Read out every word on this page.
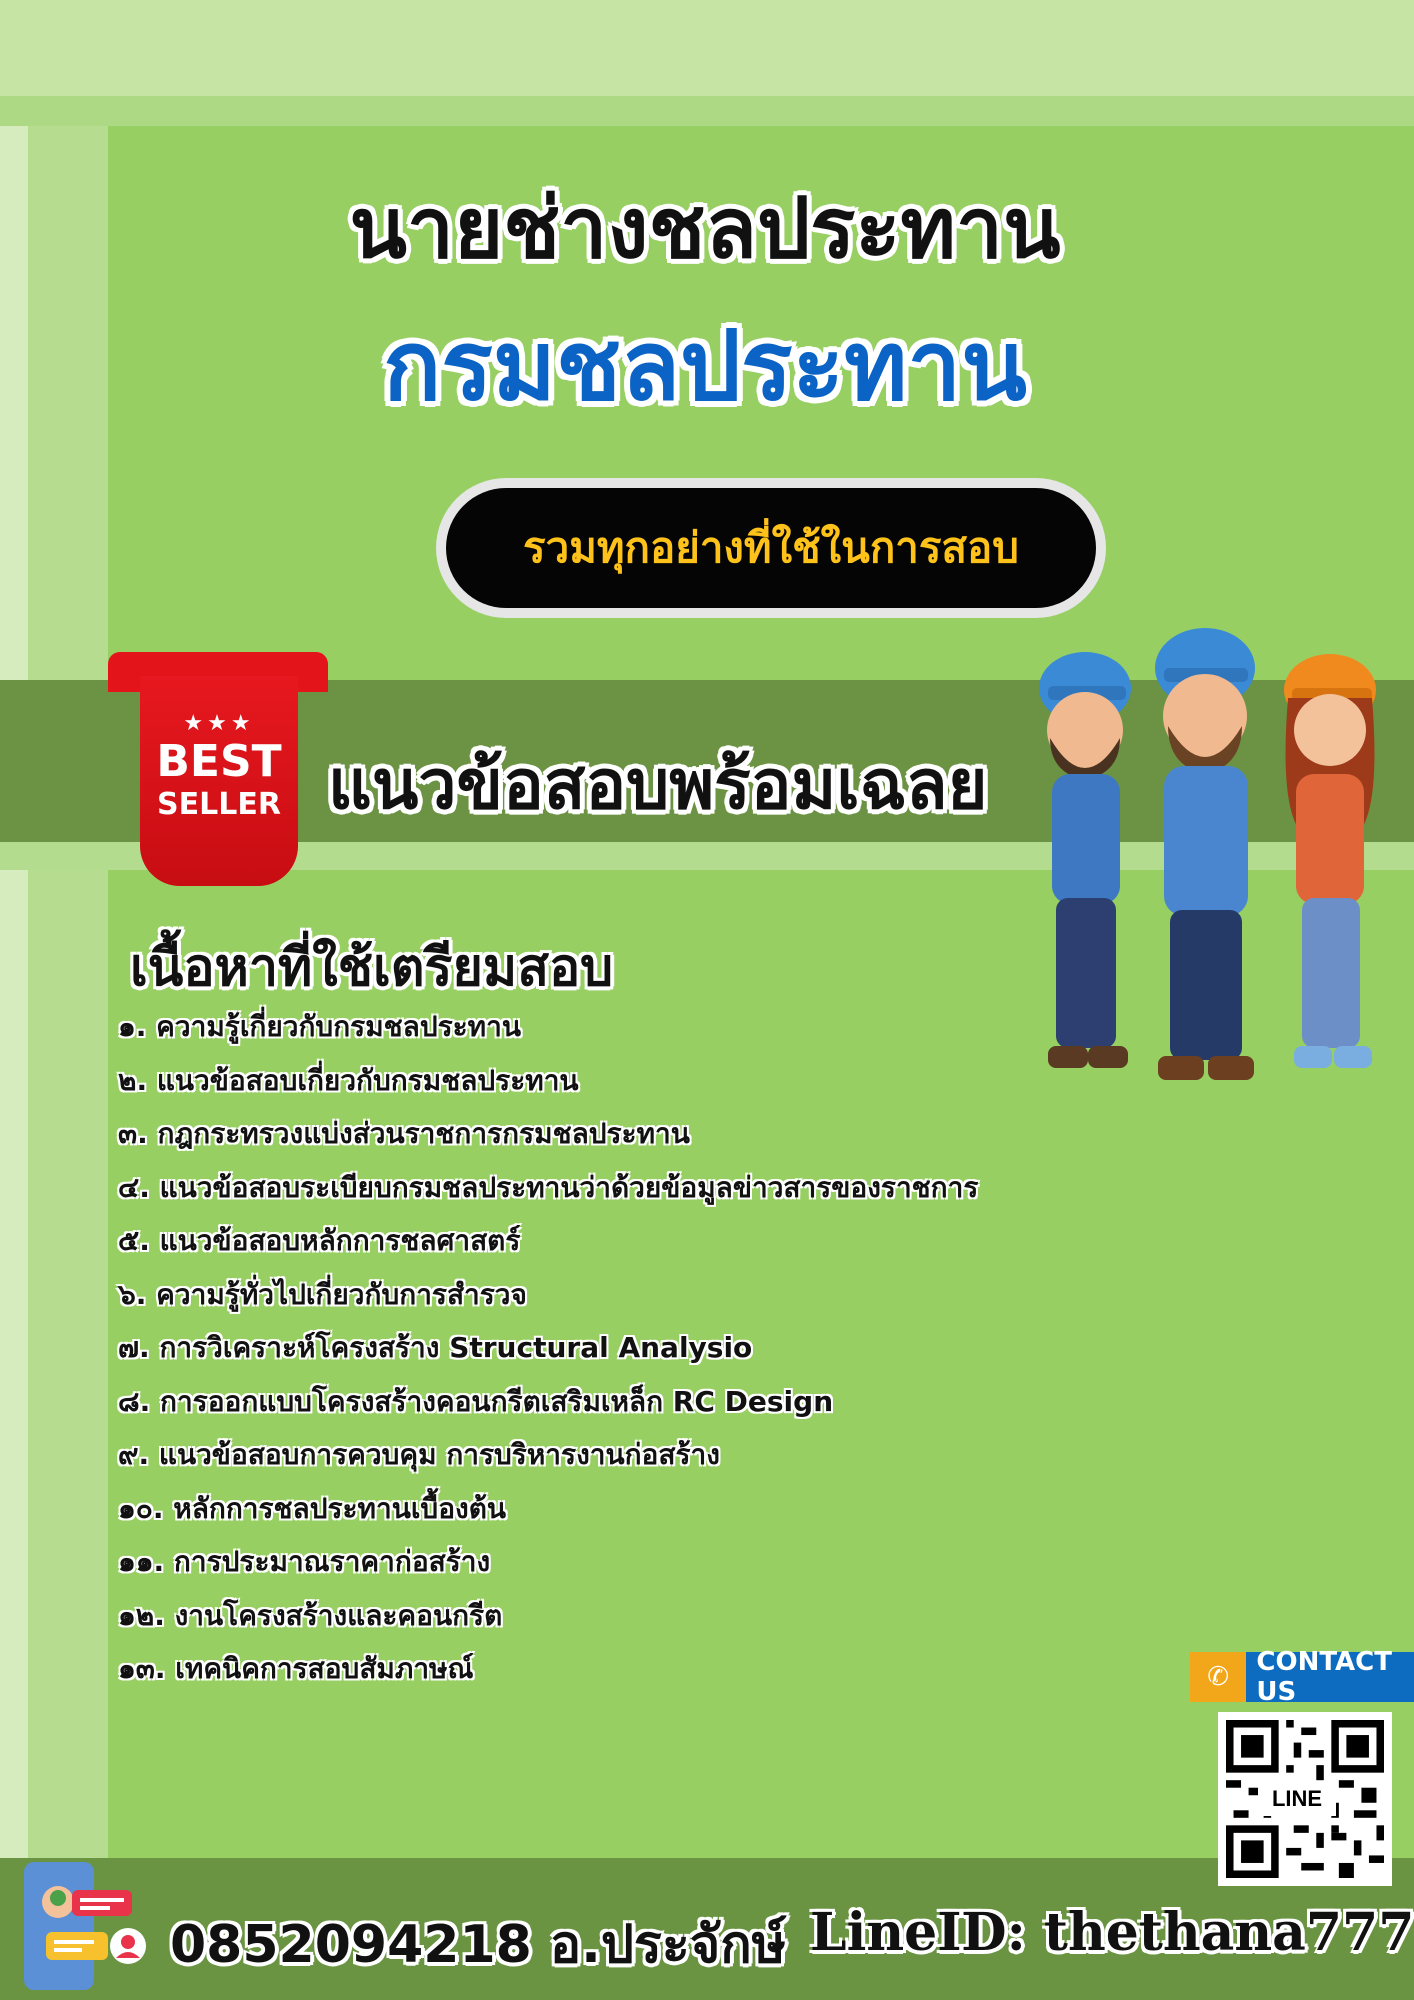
นายช่างชลประทาน
กรมชลประทาน
รวมทุกอย่างที่ใช้ในการสอบ
★★★
BEST
SELLER แนวข้อสอบพร้อมเฉลย
เนื้อหาที่ใช้เตรียมสอบ
๑. ความรู้เกี่ยวกับกรมชลประทาน
๒. แนวข้อสอบเกี่ยวกับกรมชลประทาน
๓. กฎกระทรวงแบ่งส่วนราชการกรมชลประทาน
๔. แนวข้อสอบระเบียบกรมชลประทานว่าด้วยข้อมูลข่าวสารของราชการ
๕. แนวข้อสอบหลักการชลศาสตร์
๖. ความรู้ทั่วไปเกี่ยวกับการสำรวจ
๗. การวิเคราะห์โครงสร้าง Structural Analysio
๘. การออกแบบโครงสร้างคอนกรีตเสริมเหล็ก RC Design
๙. แนวข้อสอบการควบคุม การบริหารงานก่อสร้าง
๑๐. หลักการชลประทานเบื้องต้น
๑๑. การประมาณราคาก่อสร้าง
๑๒. งานโครงสร้างและคอนกรีต
๑๓. เทคนิคการสอบสัมภาษณ์	✆	CONTACT US
LINE
0852094218 อ.ประจักษ์ LineID: thethana777
